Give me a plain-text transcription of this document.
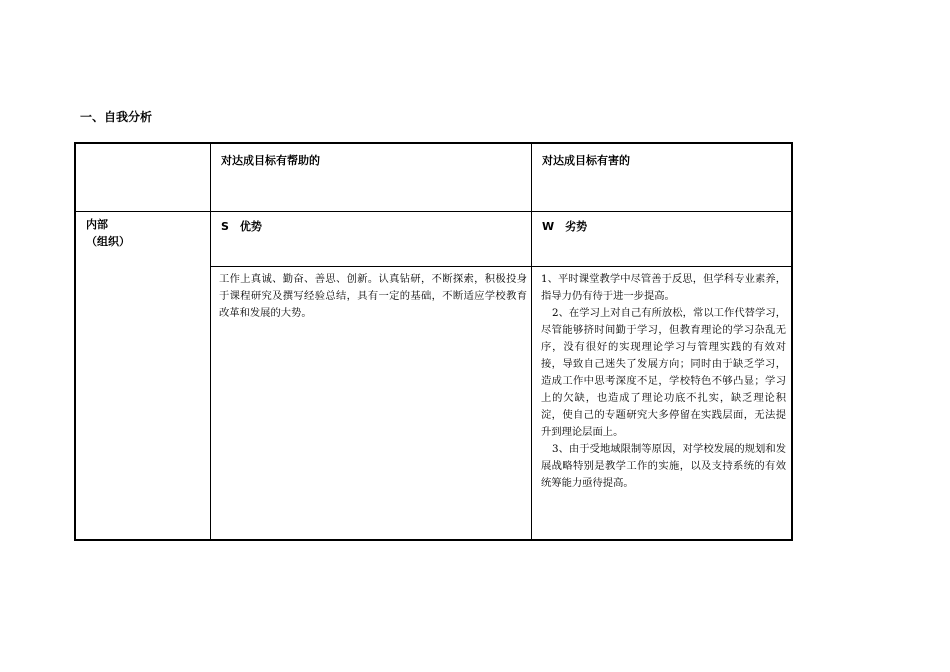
一、自我分析

	对达成目标有帮助的	对达成目标有害的

内部
（组织）	S　优势	W　劣势

	工作上真诚、勤奋、善思、创新。认真钻研，不断探索，积极投身于课程研究及撰写经验总结，具有一定的基础，不断适应学校教育改革和发展的大势。	1、平时课堂教学中尽管善于反思，但学科专业素养，指导力仍有待于进一步提高。

2、在学习上对自己有所放松，常以工作代替学习，尽管能够挤时间勤于学习，但教育理论的学习杂乱无序，没有很好的实现理论学习与管理实践的有效对接，导致自己迷失了发展方向；同时由于缺乏学习，造成工作中思考深度不足，学校特色不够凸显；学习上的欠缺，也造成了理论功底不扎实，缺乏理论积淀，使自己的专题研究大多停留在实践层面，无法提升到理论层面上。

3、由于受地域限制等原因，对学校发展的规划和发展战略特别是教学工作的实施，以及支持系统的有效统筹能力亟待提高。
